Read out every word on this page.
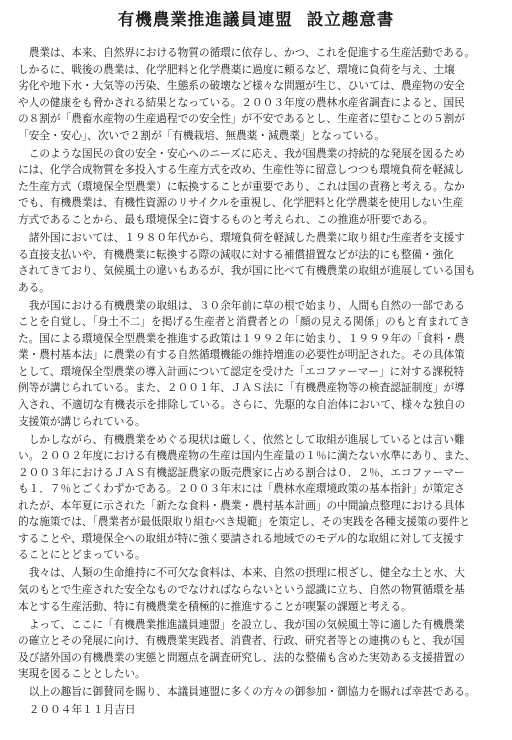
有機農業推進議員連盟 設立趣意書
農業は、本来、自然界における物質の循環に依存し、かつ、これを促進する生産活動である。
しかるに、戦後の農業は、化学肥料と化学農薬に過度に頼るなど、環境に負荷を与え、土壌
劣化や地下水・大気等の汚染、生態系の破壊など様々な問題が生じ、ひいては、農産物の安全
や人の健康をも脅かされる結果となっている。２００３年度の農林水産省調査によると、国民
の８割が「農畜水産物の生産過程での安全性」が不安であるとし、生産者に望むことの５割が
「安全・安心」、次いで２割が「有機栽培、無農薬・減農薬」となっている。
このような国民の食の安全・安心へのニーズに応え、我が国農業の持続的な発展を図るため
には、化学合成物質を多投入する生産方式を改め、生産性等に留意しつつも環境負荷を軽減し
た生産方式（環境保全型農業）に転換することが重要であり、これは国の責務と考える。なか
でも、有機農業は、有機性資源のリサイクルを重視し、化学肥料と化学農薬を使用しない生産
方式であることから、最も環境保全に資するものと考えられ、この推進が肝要である。
諸外国においては、１９８０年代から、環境負荷を軽減した農業に取り組む生産者を支援す
る直接支払いや、有機農業に転換する際の減収に対する補償措置などが法的にも整備・強化
されてきており、気候風土の違いもあるが、我が国に比べて有機農業の取組が進展している国も
ある。
我が国における有機農業の取組は、３０余年前に草の根で始まり、人間も自然の一部である
ことを自覚し、「身土不二」を掲げる生産者と消費者との「顔の見える関係」のもと育まれてき
た。国による環境保全型農業を推進する政策は１９９２年に始まり、１９９９年の「食料・農
業・農村基本法」に農業の有する自然循環機能の維持増進の必要性が明記された。その具体策
として、環境保全型農業の導入計画について認定を受けた「エコファーマー」に対する課税特
例等が講じられている。また、２００１年、ＪＡＳ法に「有機農産物等の検査認証制度」が導
入され、不適切な有機表示を排除している。さらに、先駆的な自治体において、様々な独自の
支援策が講じられている。
しかしながら、有機農業をめぐる現状は厳しく、依然として取組が進展しているとは言い難
い。２００２年度における有機農産物の生産は国内生産量の１％に満たない水準にあり、また、
２００３年におけるＪＡＳ有機認証農家の販売農家に占める割合は０．２％、エコファーマー
も１．７％とごくわずかである。２００３年末には「農林水産環境政策の基本指針」が策定さ
れたが、本年夏に示された「新たな食料・農業・農村基本計画」の中間論点整理における具体
的な施策では、「農業者が最低限取り組むべき規範」を策定し、その実践を各種支援策の要件と
することや、環境保全への取組が特に強く要請される地域でのモデル的な取組に対して支援す
ることにとどまっている。
我々は、人類の生命維持に不可欠な食料は、本来、自然の摂理に根ざし、健全な土と水、大
気のもとで生産された安全なものでなければならないという認識に立ち、自然の物質循環を基
本とする生産活動、特に有機農業を積極的に推進することが喫緊の課題と考える。
よって、ここに「有機農業推進議員連盟」を設立し、我が国の気候風土等に適した有機農業
の確立とその発展に向け、有機農業実践者、消費者、行政、研究者等との連携のもと、我が国
及び諸外国の有機農業の実態と問題点を調査研究し、法的な整備も含めた実効ある支援措置の
実現を図ることとしたい。
以上の趣旨に御賛同を賜り、本議員連盟に多くの方々の御参加・御協力を賜れば幸甚である。
２００４年１１月吉日
